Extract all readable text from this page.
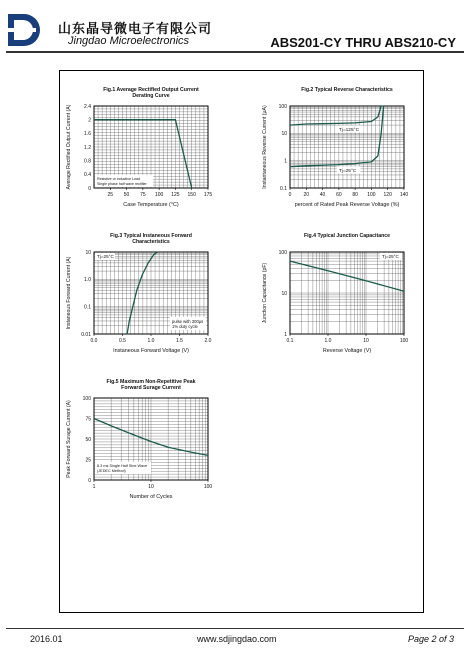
山东晶导微电子有限公司
Jingdao Microelectronics	ABS201-CY THRU ABS210-CY
Fig.1 Average Rectified Output Current
Derating Curve
25 50 75 100 125 150 175
0
0.4
0.8
1.2
1.6
2
2.4
Case Temperature (°C)
Average Rectified Output Current (A)	Resistive or inductive Load
Single phase half wave rectifier
Fig.2 Typical Reverse Characteristics
0 20 40 60 80 100 120 140
0.1
1
10
100
percent of Rated Peak Reverse Voltage (%)
Instantaneous Reverse Current (μA)	Tj=125°C
Tj=25°C
Fig.3 Typical Instaneous Forward
Characteristics
0.0	0.5	1.0	1.5	2.0
0.01
0.1
1.0
10
Instaneous Forward Voltage (V)
Instaneous Forward Current (A)
Tj=25°C
pulse with 300μs
1% duty cycle
Fig.4 Typical Junction Capacitance
0.1	1.0	10	100
1
10
100
Reverse Voltage (V)
Junction Capacitance (pF)
Tj=25°C
Fig.5 Maximum Non-Repetitive Peak
Forward Surage Current
1	10	100
0
25
50
75
100
Number of Cycles
Peak Forward Surage Current (A)	8.3 ms Single Half Sine Wave
(JEDEC Method)
2016.01	www.sdjingdao.com	Page 2 of 3
